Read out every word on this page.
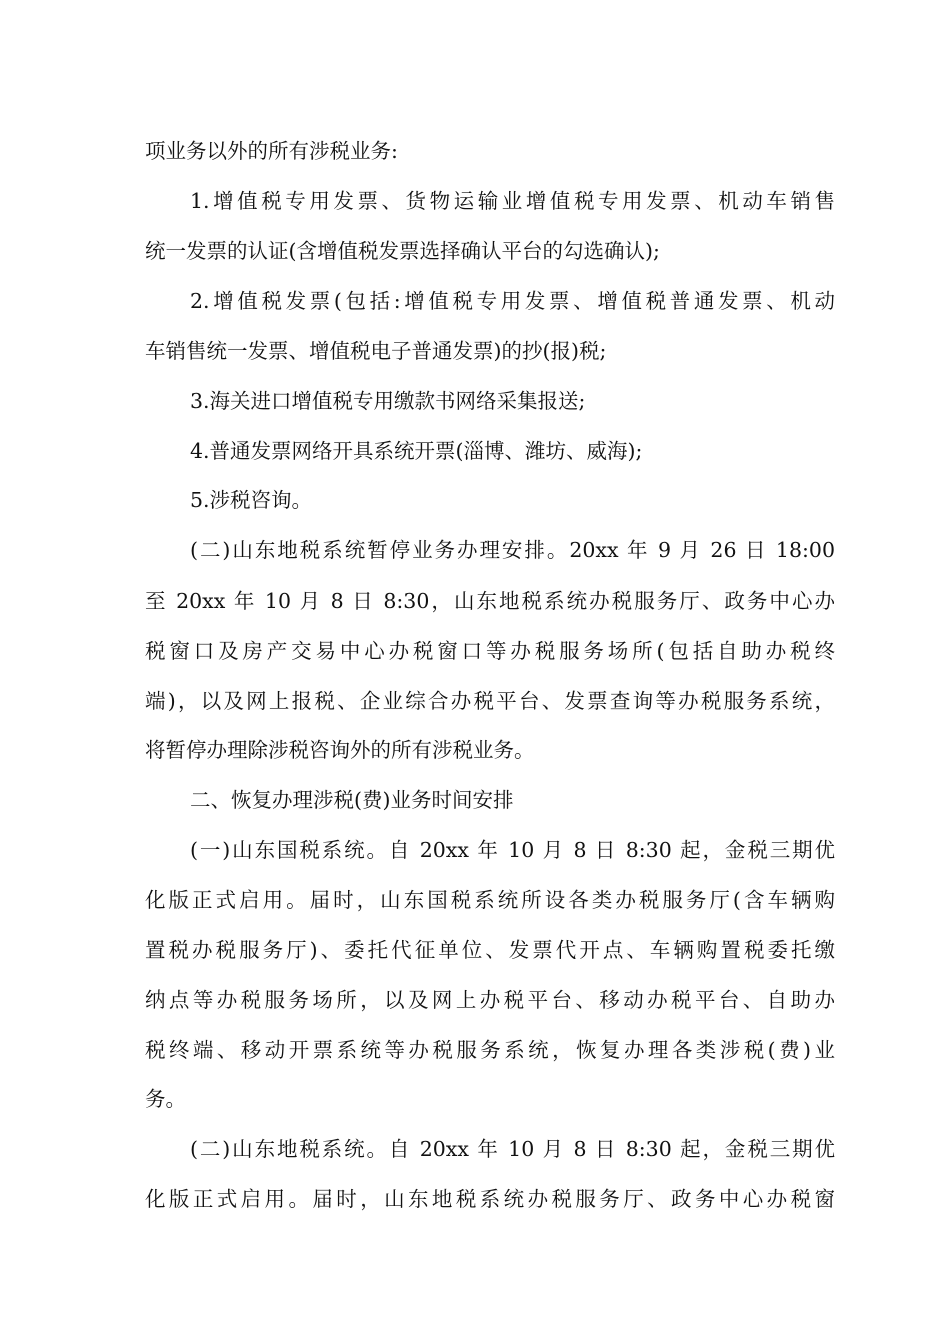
项业务以外的所有涉税业务:
1.增值税专用发票、货物运输业增值税专用发票、机动车销售
统一发票的认证(含增值税发票选择确认平台的勾选确认);
2.增值税发票(包括:增值税专用发票、增值税普通发票、机动
车销售统一发票、增值税电子普通发票)的抄(报)税;
3.海关进口增值税专用缴款书网络采集报送;
4.普通发票网络开具系统开票(淄博、潍坊、威海);
5.涉税咨询。
(二)山东地税系统暂停业务办理安排。20xx 年 9 月 26 日 18:00
至 20xx 年 10 月 8 日 8:30，山东地税系统办税服务厅、政务中心办
税窗口及房产交易中心办税窗口等办税服务场所(包括自助办税终
端)，以及网上报税、企业综合办税平台、发票查询等办税服务系统，
将暂停办理除涉税咨询外的所有涉税业务。
二、恢复办理涉税(费)业务时间安排
(一)山东国税系统。自 20xx 年 10 月 8 日 8:30 起，金税三期优
化版正式启用。届时，山东国税系统所设各类办税服务厅(含车辆购
置税办税服务厅)、委托代征单位、发票代开点、车辆购置税委托缴
纳点等办税服务场所，以及网上办税平台、移动办税平台、自助办
税终端、移动开票系统等办税服务系统，恢复办理各类涉税(费)业
务。
(二)山东地税系统。自 20xx 年 10 月 8 日 8:30 起，金税三期优
化版正式启用。届时，山东地税系统办税服务厅、政务中心办税窗
